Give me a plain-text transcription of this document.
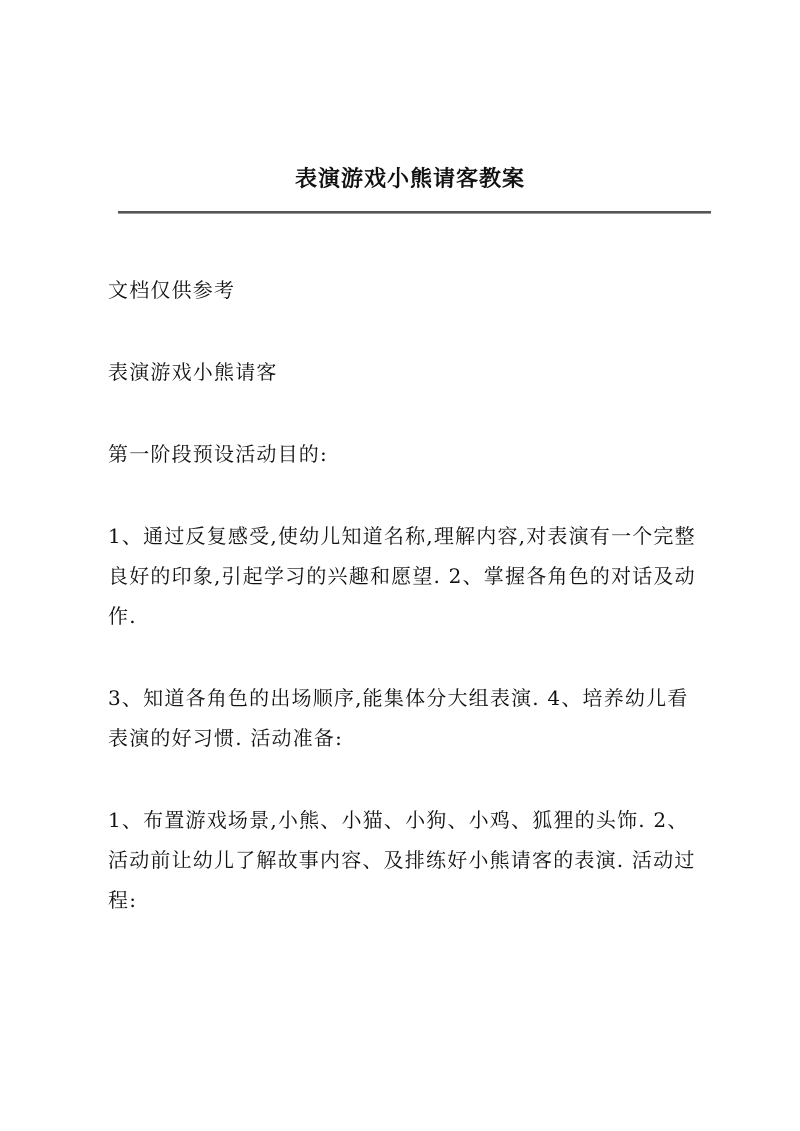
表演游戏小熊请客教案

文档仅供参考

表演游戏小熊请客

第一阶段预设活动目的:

1、通过反复感受,使幼儿知道名称,理解内容,对表演有一个完整良好的印象,引起学习的兴趣和愿望. 2、掌握各角色的对话及动作.

3、知道各角色的出场顺序,能集体分大组表演. 4、培养幼儿看表演的好习惯. 活动准备:

1、布置游戏场景,小熊、小猫、小狗、小鸡、狐狸的头饰. 2、活动前让幼儿了解故事内容、及排练好小熊请客的表演. 活动过程:
